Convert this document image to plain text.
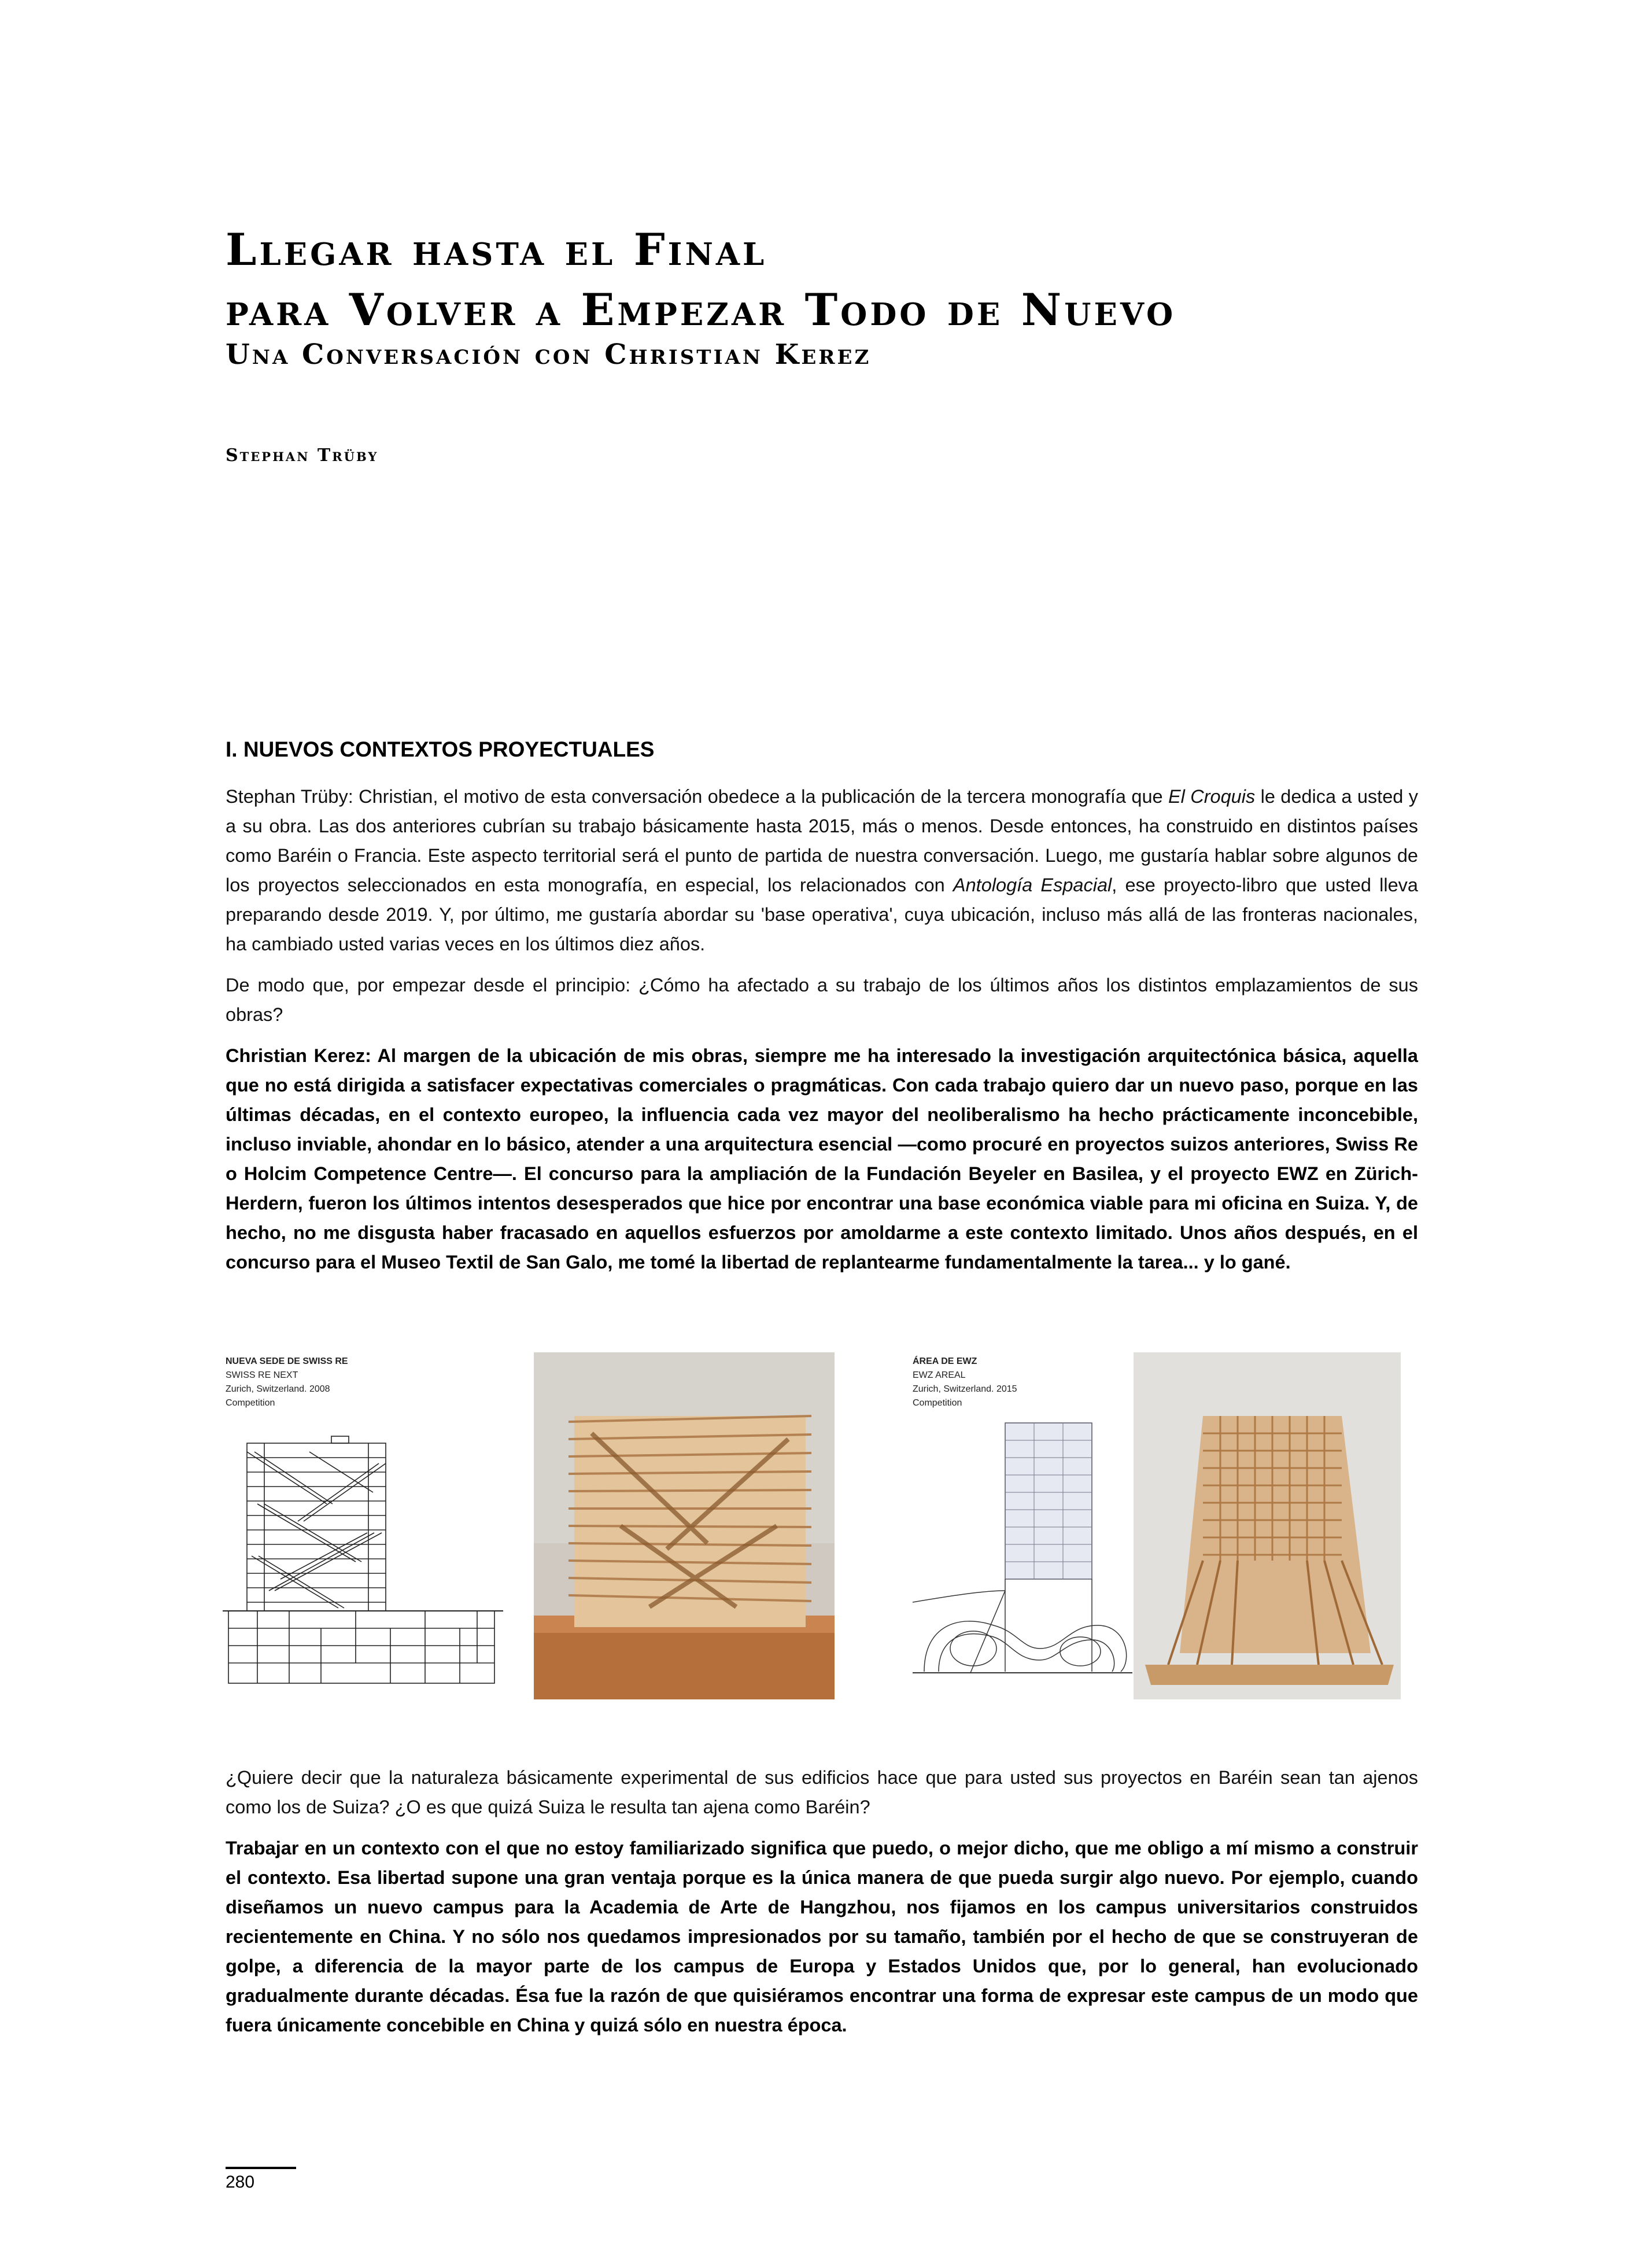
Llegar hasta el Final
para Volver a Empezar Todo de Nuevo
Una Conversación con Christian Kerez
Stephan Trüby
I. NUEVOS CONTEXTOS PROYECTUALES

Stephan Trüby: Christian, el motivo de esta conversación obedece a la publicación de la tercera monografía que El Croquis le dedica a usted y a su obra. Las dos anteriores cubrían su trabajo básicamente hasta 2015, más o menos. Desde entonces, ha construido en distintos países como Baréin o Francia. Este aspecto territorial será el punto de partida de nuestra conversación. Luego, me gustaría hablar sobre algunos de los proyectos seleccionados en esta monografía, en especial, los relacionados con Antología Espacial, ese proyecto-libro que usted lleva preparando desde 2019. Y, por último, me gustaría abordar su 'base operativa', cuya ubicación, incluso más allá de las fronteras nacionales, ha cambiado usted varias veces en los últimos diez años.

De modo que, por empezar desde el principio: ¿Cómo ha afectado a su trabajo de los últimos años los distintos emplazamientos de sus obras?

Christian Kerez: Al margen de la ubicación de mis obras, siempre me ha interesado la investigación arquitectónica básica, aquella que no está dirigida a satisfacer expectativas comerciales o pragmáticas. Con cada trabajo quiero dar un nuevo paso, porque en las últimas décadas, en el contexto europeo, la influencia cada vez mayor del neoliberalismo ha hecho prácticamente inconcebible, incluso inviable, ahondar en lo básico, atender a una arquitectura esencial —como procuré en proyectos suizos anteriores, Swiss Re o Holcim Competence Centre—. El concurso para la ampliación de la Fundación Beyeler en Basilea, y el proyecto EWZ en Zürich-Herdern, fueron los últimos intentos desesperados que hice por encontrar una base económica viable para mi oficina en Suiza. Y, de hecho, no me disgusta haber fracasado en aquellos esfuerzos por amoldarme a este contexto limitado. Unos años después, en el concurso para el Museo Textil de San Galo, me tomé la libertad de replantearme fundamentalmente la tarea... y lo gané.

NUEVA SEDE DE SWISS RE
SWISS RE NEXT
Zurich, Switzerland. 2008
Competition
ÁREA DE EWZ
EWZ AREAL
Zurich, Switzerland. 2015
Competition

¿Quiere decir que la naturaleza básicamente experimental de sus edificios hace que para usted sus proyectos en Baréin sean tan ajenos como los de Suiza? ¿O es que quizá Suiza le resulta tan ajena como Baréin?

Trabajar en un contexto con el que no estoy familiarizado significa que puedo, o mejor dicho, que me obligo a mí mismo a construir el contexto. Esa libertad supone una gran ventaja porque es la única manera de que pueda surgir algo nuevo. Por ejemplo, cuando diseñamos un nuevo campus para la Academia de Arte de Hangzhou, nos fijamos en los campus universitarios construidos recientemente en China. Y no sólo nos quedamos impresionados por su tamaño, también por el hecho de que se construyeran de golpe, a diferencia de la mayor parte de los campus de Europa y Estados Unidos que, por lo general, han evolucionado gradualmente durante décadas. Ésa fue la razón de que quisiéramos encontrar una forma de expresar este campus de un modo que fuera únicamente concebible en China y quizá sólo en nuestra época.

280
